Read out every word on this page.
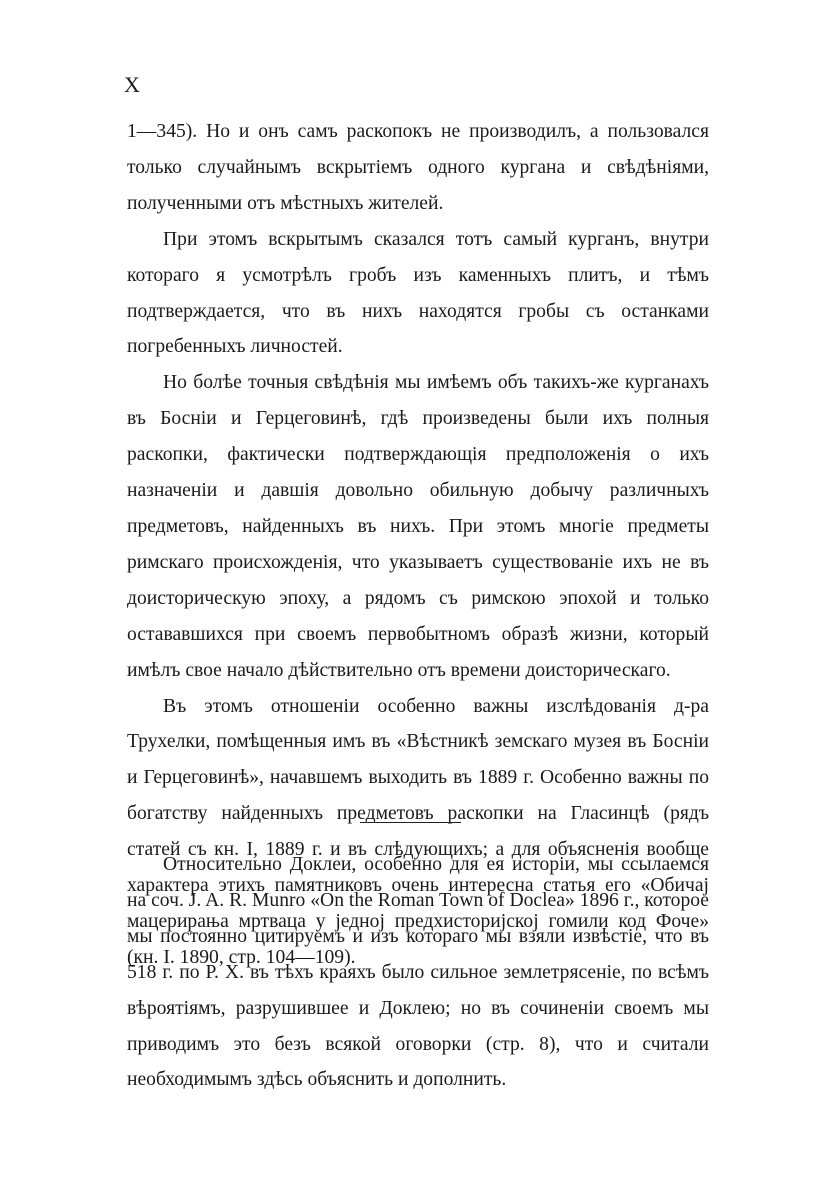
X

1—345). Но и онъ самъ раскопокъ не производилъ, а пользовался только случайнымъ вскрытіемъ одного кургана и свѣдѣніями, полученными отъ мѣстныхъ жителей.

При этомъ вскрытымъ сказался тотъ самый курганъ, внутри котораго я усмотрѣлъ гробъ изъ каменныхъ плитъ, и тѣмъ подтверждается, что въ нихъ находятся гробы съ останками погребенныхъ личностей.

Но болѣе точныя свѣдѣнія мы имѣемъ объ такихъ-же курганахъ въ Босніи и Герцеговинѣ, гдѣ произведены были ихъ полныя раскопки, фактически подтверждающія предположенія о ихъ назначеніи и давшія довольно обильную добычу различныхъ предметовъ, найденныхъ въ нихъ. При этомъ многіе предметы римскаго происхожденія, что указываетъ существованіе ихъ не въ доисторическую эпоху, а рядомъ съ римскою эпохой и только остававшихся при своемъ первобытномъ образѣ жизни, который имѣлъ свое начало дѣйствительно отъ времени доисторическаго.

Въ этомъ отношеніи особенно важны изслѣдованія д-ра Трухелки, помѣщенныя имъ въ «Вѣстникѣ земскаго музея въ Босніи и Герцеговинѣ», начавшемъ выходить въ 1889 г. Особенно важны по богатству найденныхъ предметовъ раскопки на Гласинцѣ (рядъ статей съ кн. I, 1889 г. и въ слѣдующихъ; а для объясненія вообще характера этихъ памятниковъ очень интересна статья его «Обичај мацерирања мртваца у једној предхисторијској гомили код Фоче» (кн. I. 1890, стр. 104—109).

Относительно Доклеи, особенно для ея исторіи, мы ссылаемся на соч. J. A. R. Munro «On the Roman Town of Doclea» 1896 г., которое мы постоянно цитируемъ и изъ котораго мы взяли извѣстіе, что въ 518 г. по Р. Х. въ тѣхъ краяхъ было сильное землетрясеніе, по всѣмъ вѣроятіямъ, разрушившее и Доклею; но въ сочиненіи своемъ мы приводимъ это безъ всякой оговорки (стр. 8), что и считали необходимымъ здѣсь объяснить и дополнить.
